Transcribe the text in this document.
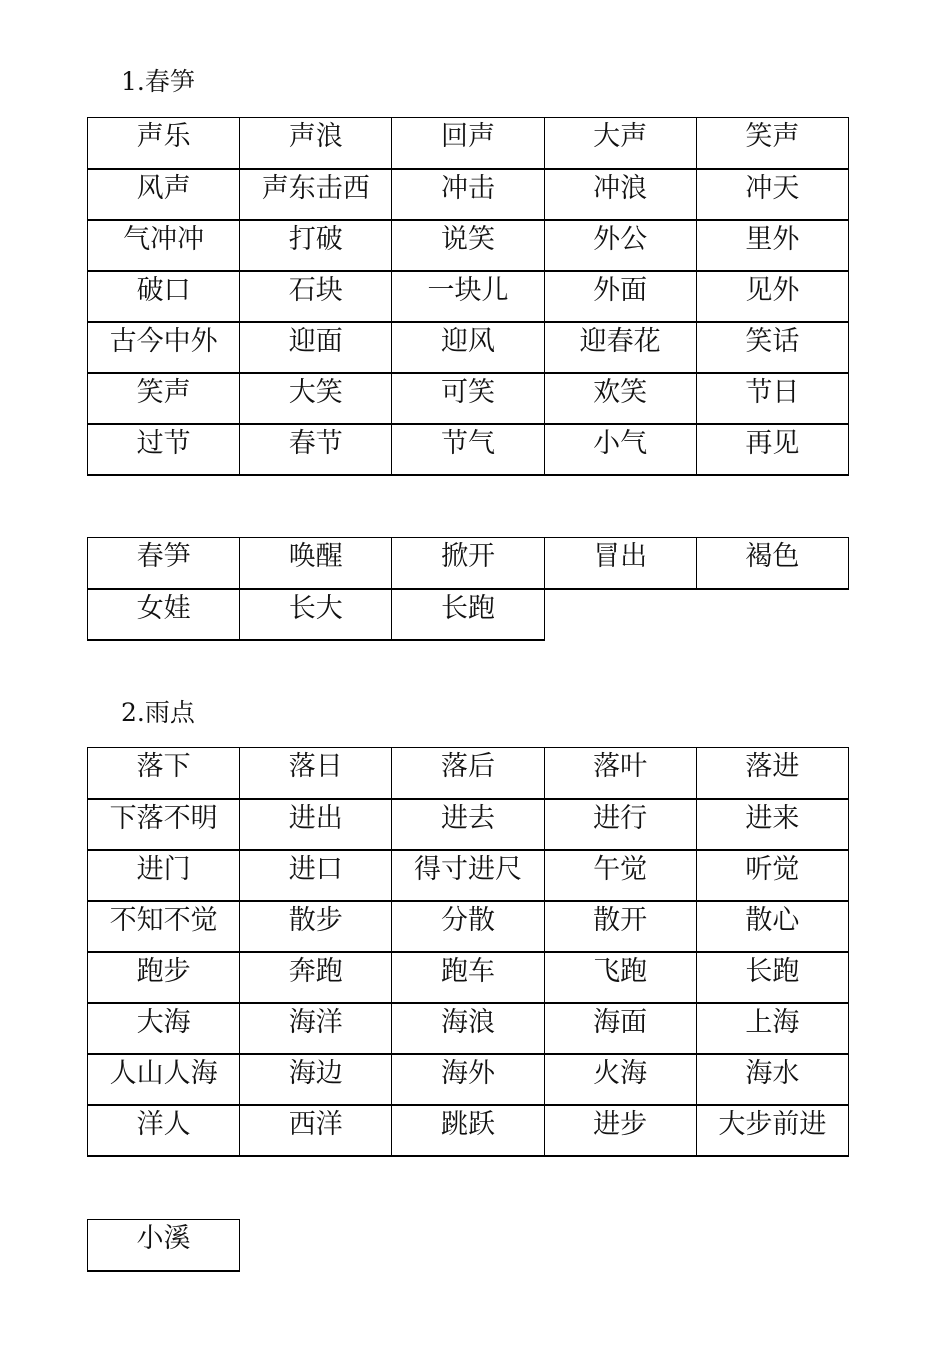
1.春笋
声乐	声浪	回声	大声	笑声
风声	声东击西	冲击	冲浪	冲天
气冲冲	打破	说笑	外公	里外
破口	石块	一块儿	外面	见外
古今中外	迎面	迎风	迎春花	笑话
笑声	大笑	可笑	欢笑	节日
过节	春节	节气	小气	再见
春笋	唤醒	掀开	冒出	褐色
女娃	长大	长跑		
2.雨点
落下	落日	落后	落叶	落进
下落不明	进出	进去	进行	进来
进门	进口	得寸进尺	午觉	听觉
不知不觉	散步	分散	散开	散心
跑步	奔跑	跑车	飞跑	长跑
大海	海洋	海浪	海面	上海
人山人海	海边	海外	火海	海水
洋人	西洋	跳跃	进步	大步前进
小溪
